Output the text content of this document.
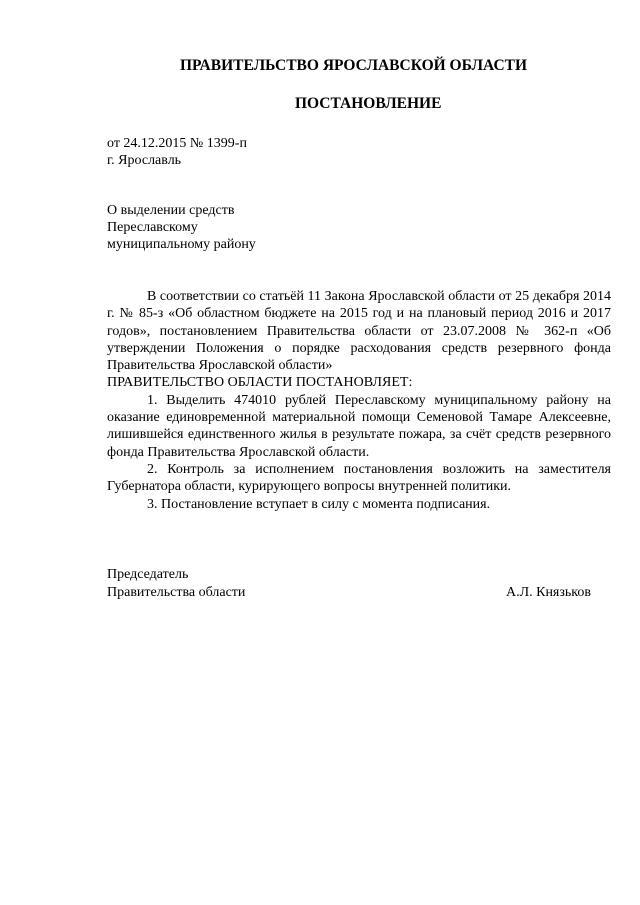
ПРАВИТЕЛЬСТВО ЯРОСЛАВСКОЙ ОБЛАСТИ
ПОСТАНОВЛЕНИЕ
от 24.12.2015 № 1399-п
г. Ярославль
О выделении средств
Переславскому
муниципальному району

В соответствии со статьёй 11 Закона Ярославской области от 25 декабря 2014 г. № 85-з «Об областном бюджете на 2015 год и на плановый период 2016 и 2017 годов», постановлением Правительства области от 23.07.2008 № 362-п «Об утверждении Положения о порядке расходования средств резервного фонда Правительства Ярославской области»

ПРАВИТЕЛЬСТВО ОБЛАСТИ ПОСТАНОВЛЯЕТ:

1. Выделить 474010 рублей Переславскому муниципальному району на оказание единовременной материальной помощи Семеновой Тамаре Алексеевне, лишившейся единственного жилья в результате пожара, за счёт средств резервного фонда Правительства Ярославской области.

2. Контроль за исполнением постановления возложить на заместителя Губернатора области, курирующего вопросы внутренней политики.

3. Постановление вступает в силу с момента подписания.

Председатель
Правительства области	А.Л. Князьков
